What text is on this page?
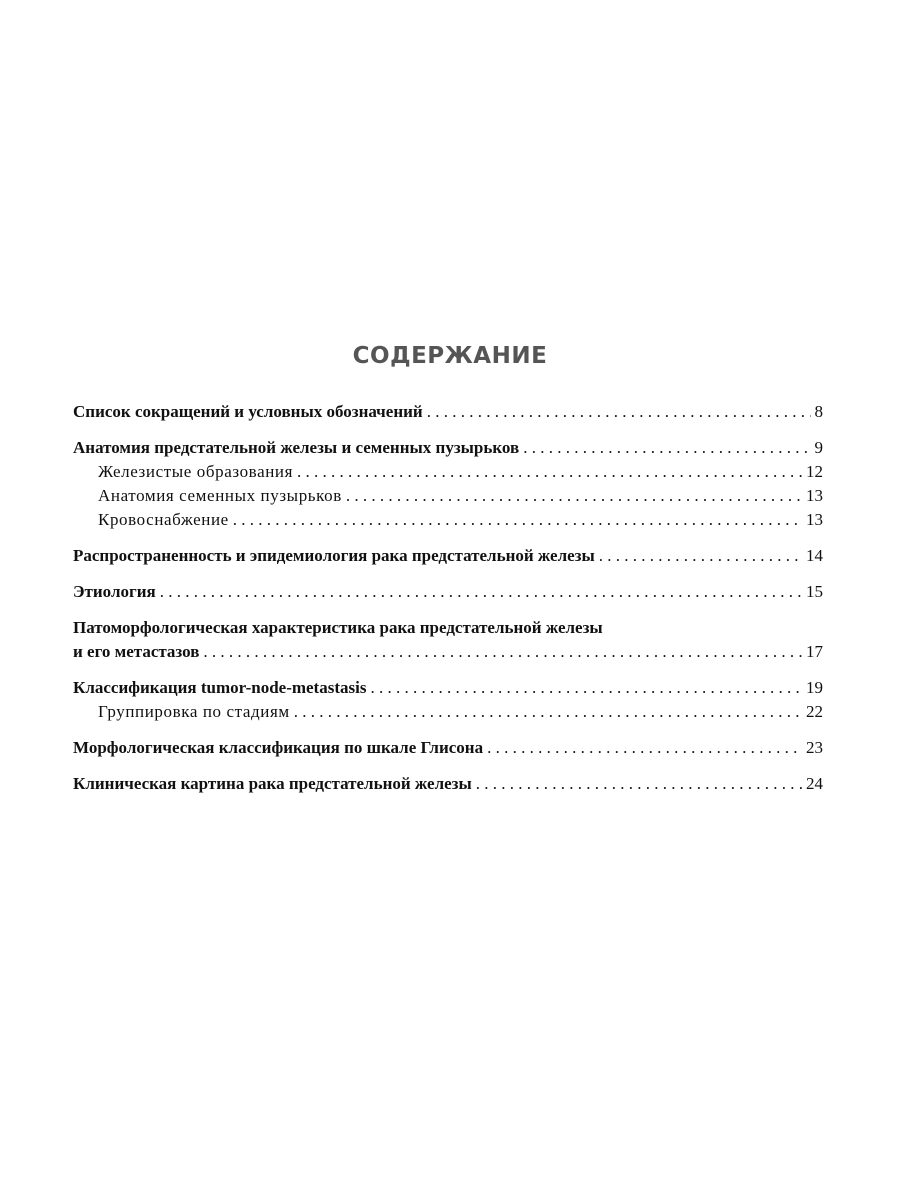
СОДЕРЖАНИЕ
Список сокращений и условных обозначений . . .	8
Анатомия предстательной железы и семенных пузырьков . . .	9
Железистые образования . . .	12
Анатомия семенных пузырьков . . .	13
Кровоснабжение . . .	13
Распространенность и эпидемиология рака предстательной железы . . .	14
Этиология . . .	15
Патоморфологическая характеристика рака предстательной железы
и его метастазов . . .	17
Классификация tumor-node-metastasis . . .	19
Группировка по стадиям . . .	22
Морфологическая классификация по шкале Глисона . . .	23
Клиническая картина рака предстательной железы . . .	24
